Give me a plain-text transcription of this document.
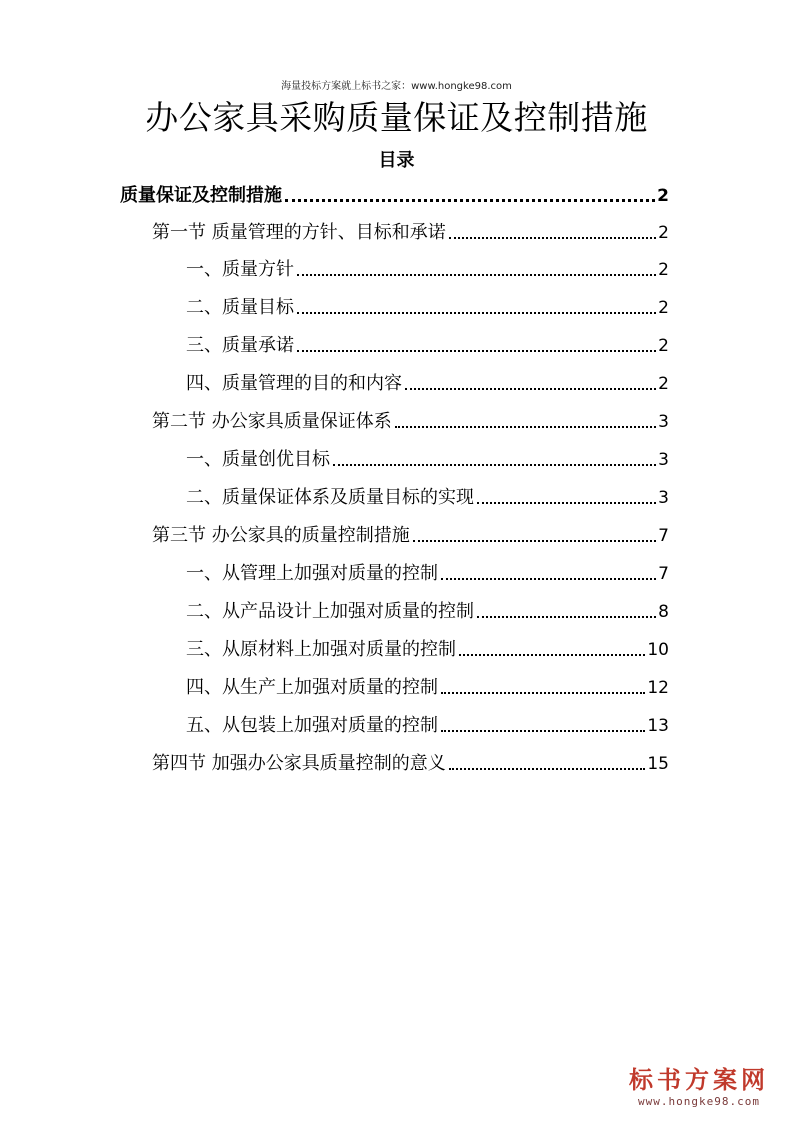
海量投标方案就上标书之家：www.hongke98.com
办公家具采购质量保证及控制措施
目录
质量保证及控制措施	2
第一节 质量管理的方针、目标和承诺	2
一、质量方针	2
二、质量目标	2
三、质量承诺	2
四、质量管理的目的和内容	2
第二节 办公家具质量保证体系	3
一、质量创优目标	3
二、质量保证体系及质量目标的实现	3
第三节 办公家具的质量控制措施	7
一、从管理上加强对质量的控制	7
二、从产品设计上加强对质量的控制	8
三、从原材料上加强对质量的控制	10
四、从生产上加强对质量的控制	12
五、从包装上加强对质量的控制	13
第四节 加强办公家具质量控制的意义	15
标书方案网
www.hongke98.com
